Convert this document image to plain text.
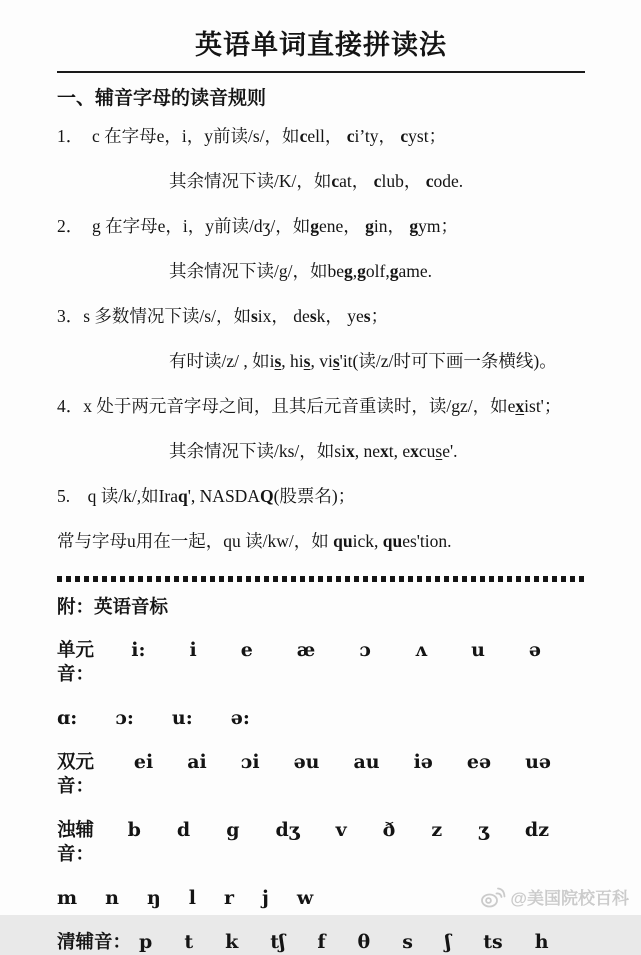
英语单词直接拼读法
一、辅音字母的读音规则
1．　c 在字母e，i，y前读/s/，如cell， ci’ty， cyst；
其余情况下读/K/，如cat， club， code.
2．　g 在字母e，i，y前读/dʒ/，如gene， gin， gym；
其余情况下读/g/，如beg,golf,game.
3．s 多数情况下读/s/，如six， desk， yes；
有时读/z/ , 如is, his, vis'it(读/z/时可下画一条横线)。
4．x 处于两元音字母之间，且其后元音重读时，读/gz/，如exist'；
其余情况下读/ks/，如six, next, excuse'.
5.　q 读/k/,如Iraq', NASDAQ(股票名)；
常与字母u用在一起，qu 读/kw/，如 quick, ques'tion.
附：英语音标
单元音：
i: i e æ ɔ ʌ u ə
ɑ: ɔ: u: ə:
双元音：
ei ai ɔi əu au iə eə uə
浊辅音：
b d g dʒ v ð z ʒ dz
m n ŋ l r j w
清辅音： p t k tʃ f θ s ʃ ts h
@美国院校百科
